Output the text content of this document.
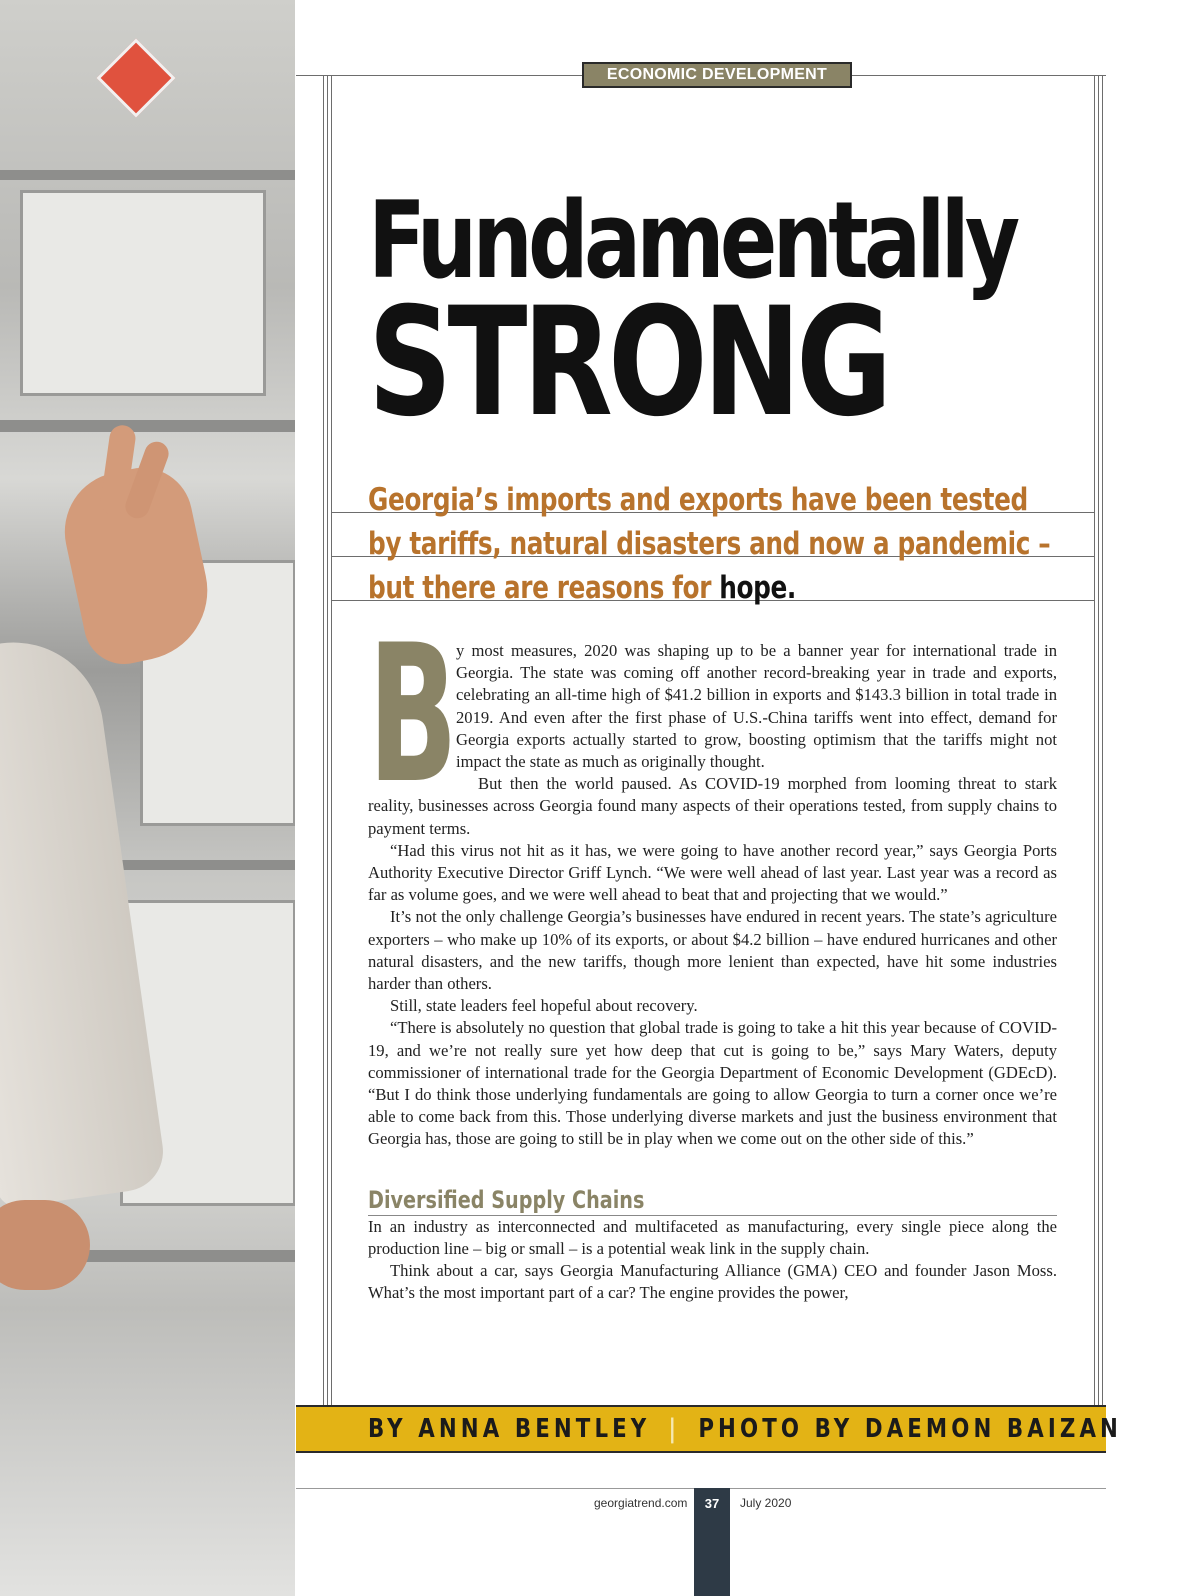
ECONOMIC DEVELOPMENT
Fundamentally
STRONG
Georgia’s imports and exports have been tested
by tariffs, natural disasters and now a pandemic –
but there are reasons for hope.
B

y most measures, 2020 was shaping up to be a banner year for international trade in Georgia. The state was coming off another record-breaking year in trade and exports, celebrating an all-time high of $41.2 billion in exports and $143.3 billion in total trade in 2019. And even after the first phase of U.S.-China tariffs went into effect, demand for Georgia exports actually started to grow, boosting optimism that the tariffs might not impact the state as much as originally thought.

But then the world paused. As COVID-19 morphed from looming threat to stark reality, businesses across Georgia found many aspects of their operations tested, from supply chains to payment terms.

“Had this virus not hit as it has, we were going to have another record year,” says Georgia Ports Authority Executive Director Griff Lynch. “We were well ahead of last year. Last year was a record as far as volume goes, and we were well ahead to beat that and projecting that we would.”

It’s not the only challenge Georgia’s businesses have endured in recent years. The state’s agriculture exporters – who make up 10% of its exports, or about $4.2 billion – have endured hurricanes and other natural disasters, and the new tariffs, though more lenient than expected, have hit some industries harder than others.

Still, state leaders feel hopeful about recovery.

“There is absolutely no question that global trade is going to take a hit this year because of COVID-19, and we’re not really sure yet how deep that cut is going to be,” says Mary Waters, deputy commissioner of international trade for the Georgia Department of Economic Development (GDEcD). “But I do think those underlying fundamentals are going to allow Georgia to turn a corner once we’re able to come back from this. Those underlying diverse markets and just the business environment that Georgia has, those are going to still be in play when we come out on the other side of this.”

Diversified Supply Chains

In an industry as interconnected and multifaceted as manufacturing, every single piece along the production line – big or small – is a potential weak link in the supply chain.

Think about a car, says Georgia Manufacturing Alliance (GMA) CEO and founder Jason Moss. What’s the most important part of a car? The engine provides the power,

BY ANNA BENTLEY | PHOTO BY DAEMON BAIZAN
georgiatrend.com	37	July 2020
